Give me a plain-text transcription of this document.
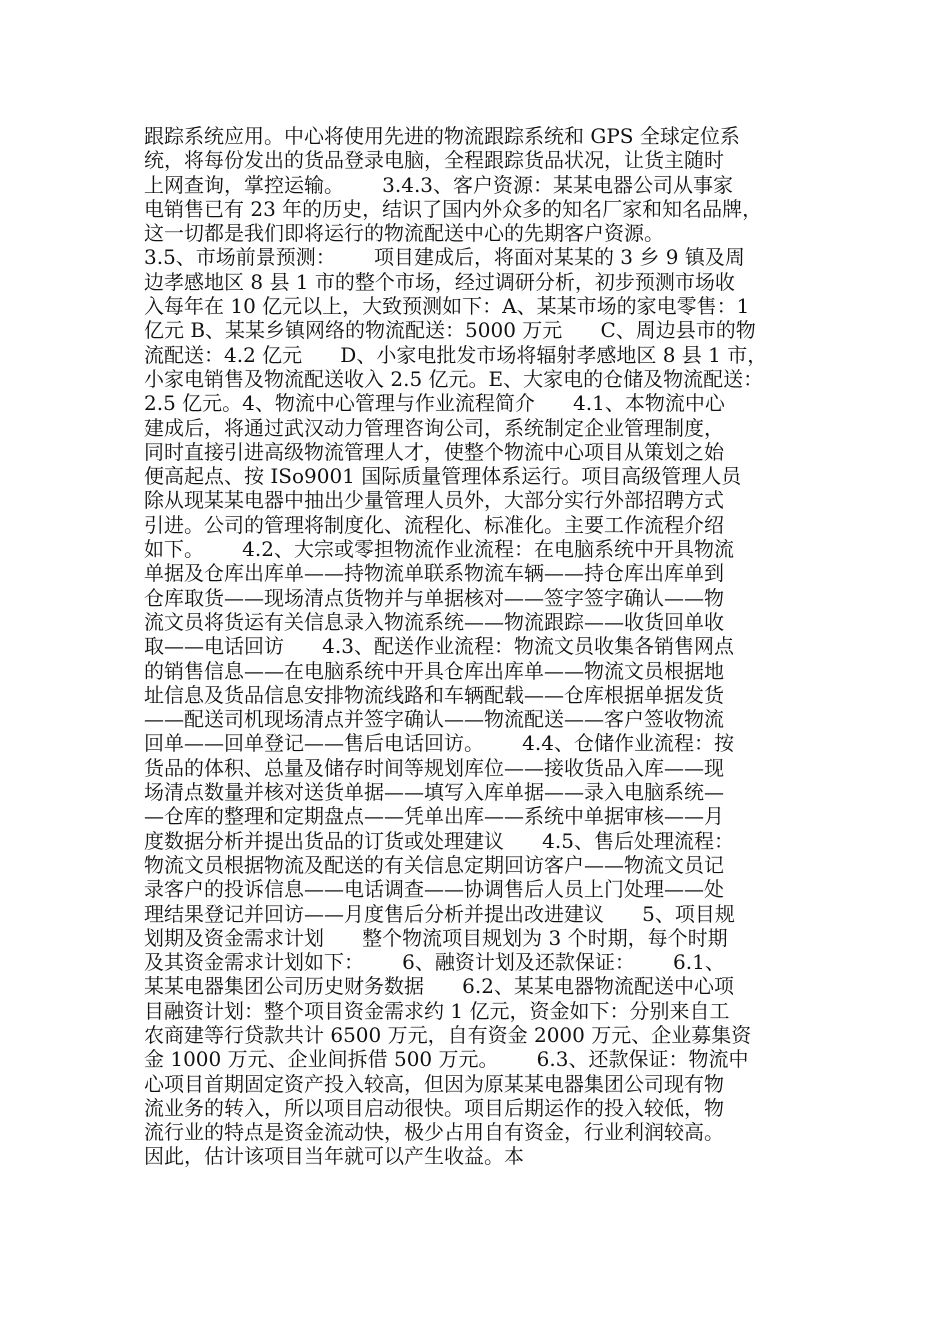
跟踪系统应用。中心将使用先进的物流跟踪系统和 GPS 全球定位系
统，将每份发出的货品登录电脑，全程跟踪货品状况，让货主随时
上网查询，掌控运输。      3.4.3、客户资源：某某电器公司从事家
电销售已有 23 年的历史，结识了国内外众多的知名厂家和知名品牌，
这一切都是我们即将运行的物流配送中心的先期客户资源。
3.5、市场前景预测：      项目建成后，将面对某某的 3 乡 9 镇及周
边孝感地区 8 县 1 市的整个市场，经过调研分析，初步预测市场收
入每年在 10 亿元以上，大致预测如下：A、某某市场的家电零售：1
亿元 B、某某乡镇网络的物流配送：5000 万元      C、周边县市的物
流配送：4.2 亿元      D、小家电批发市场将辐射孝感地区 8 县 1 市，
小家电销售及物流配送收入 2.5 亿元。E、大家电的仓储及物流配送：
2.5 亿元。4、物流中心管理与作业流程简介      4.1、本物流中心
建成后，将通过武汉动力管理咨询公司，系统制定企业管理制度，
同时直接引进高级物流管理人才，使整个物流中心项目从策划之始
便高起点、按 ISo9001 国际质量管理体系运行。项目高级管理人员
除从现某某电器中抽出少量管理人员外，大部分实行外部招聘方式
引进。公司的管理将制度化、流程化、标准化。主要工作流程介绍
如下。      4.2、大宗或零担物流作业流程：在电脑系统中开具物流
单据及仓库出库单——持物流单联系物流车辆——持仓库出库单到
仓库取货——现场清点货物并与单据核对——签字签字确认——物
流文员将货运有关信息录入物流系统——物流跟踪——收货回单收
取——电话回访      4.3、配送作业流程：物流文员收集各销售网点
的销售信息——在电脑系统中开具仓库出库单——物流文员根据地
址信息及货品信息安排物流线路和车辆配载——仓库根据单据发货
——配送司机现场清点并签字确认——物流配送——客户签收物流
回单——回单登记——售后电话回访。      4.4、仓储作业流程：按
货品的体积、总量及储存时间等规划库位——接收货品入库——现
场清点数量并核对送货单据——填写入库单据——录入电脑系统—
—仓库的整理和定期盘点——凭单出库——系统中单据审核——月
度数据分析并提出货品的订货或处理建议      4.5、售后处理流程：
物流文员根据物流及配送的有关信息定期回访客户——物流文员记
录客户的投诉信息——电话调查——协调售后人员上门处理——处
理结果登记并回访——月度售后分析并提出改进建议      5、项目规
划期及资金需求计划      整个物流项目规划为 3 个时期，每个时期
及其资金需求计划如下：      6、融资计划及还款保证：      6.1、
某某电器集团公司历史财务数据      6.2、某某电器物流配送中心项
目融资计划：整个项目资金需求约 1 亿元，资金如下：分别来自工
农商建等行贷款共计 6500 万元，自有资金 2000 万元、企业募集资
金 1000 万元、企业间拆借 500 万元。      6.3、还款保证：物流中
心项目首期固定资产投入较高，但因为原某某电器集团公司现有物
流业务的转入，所以项目启动很快。项目后期运作的投入较低，物
流行业的特点是资金流动快，极少占用自有资金，行业利润较高。
因此，估计该项目当年就可以产生收益。本
